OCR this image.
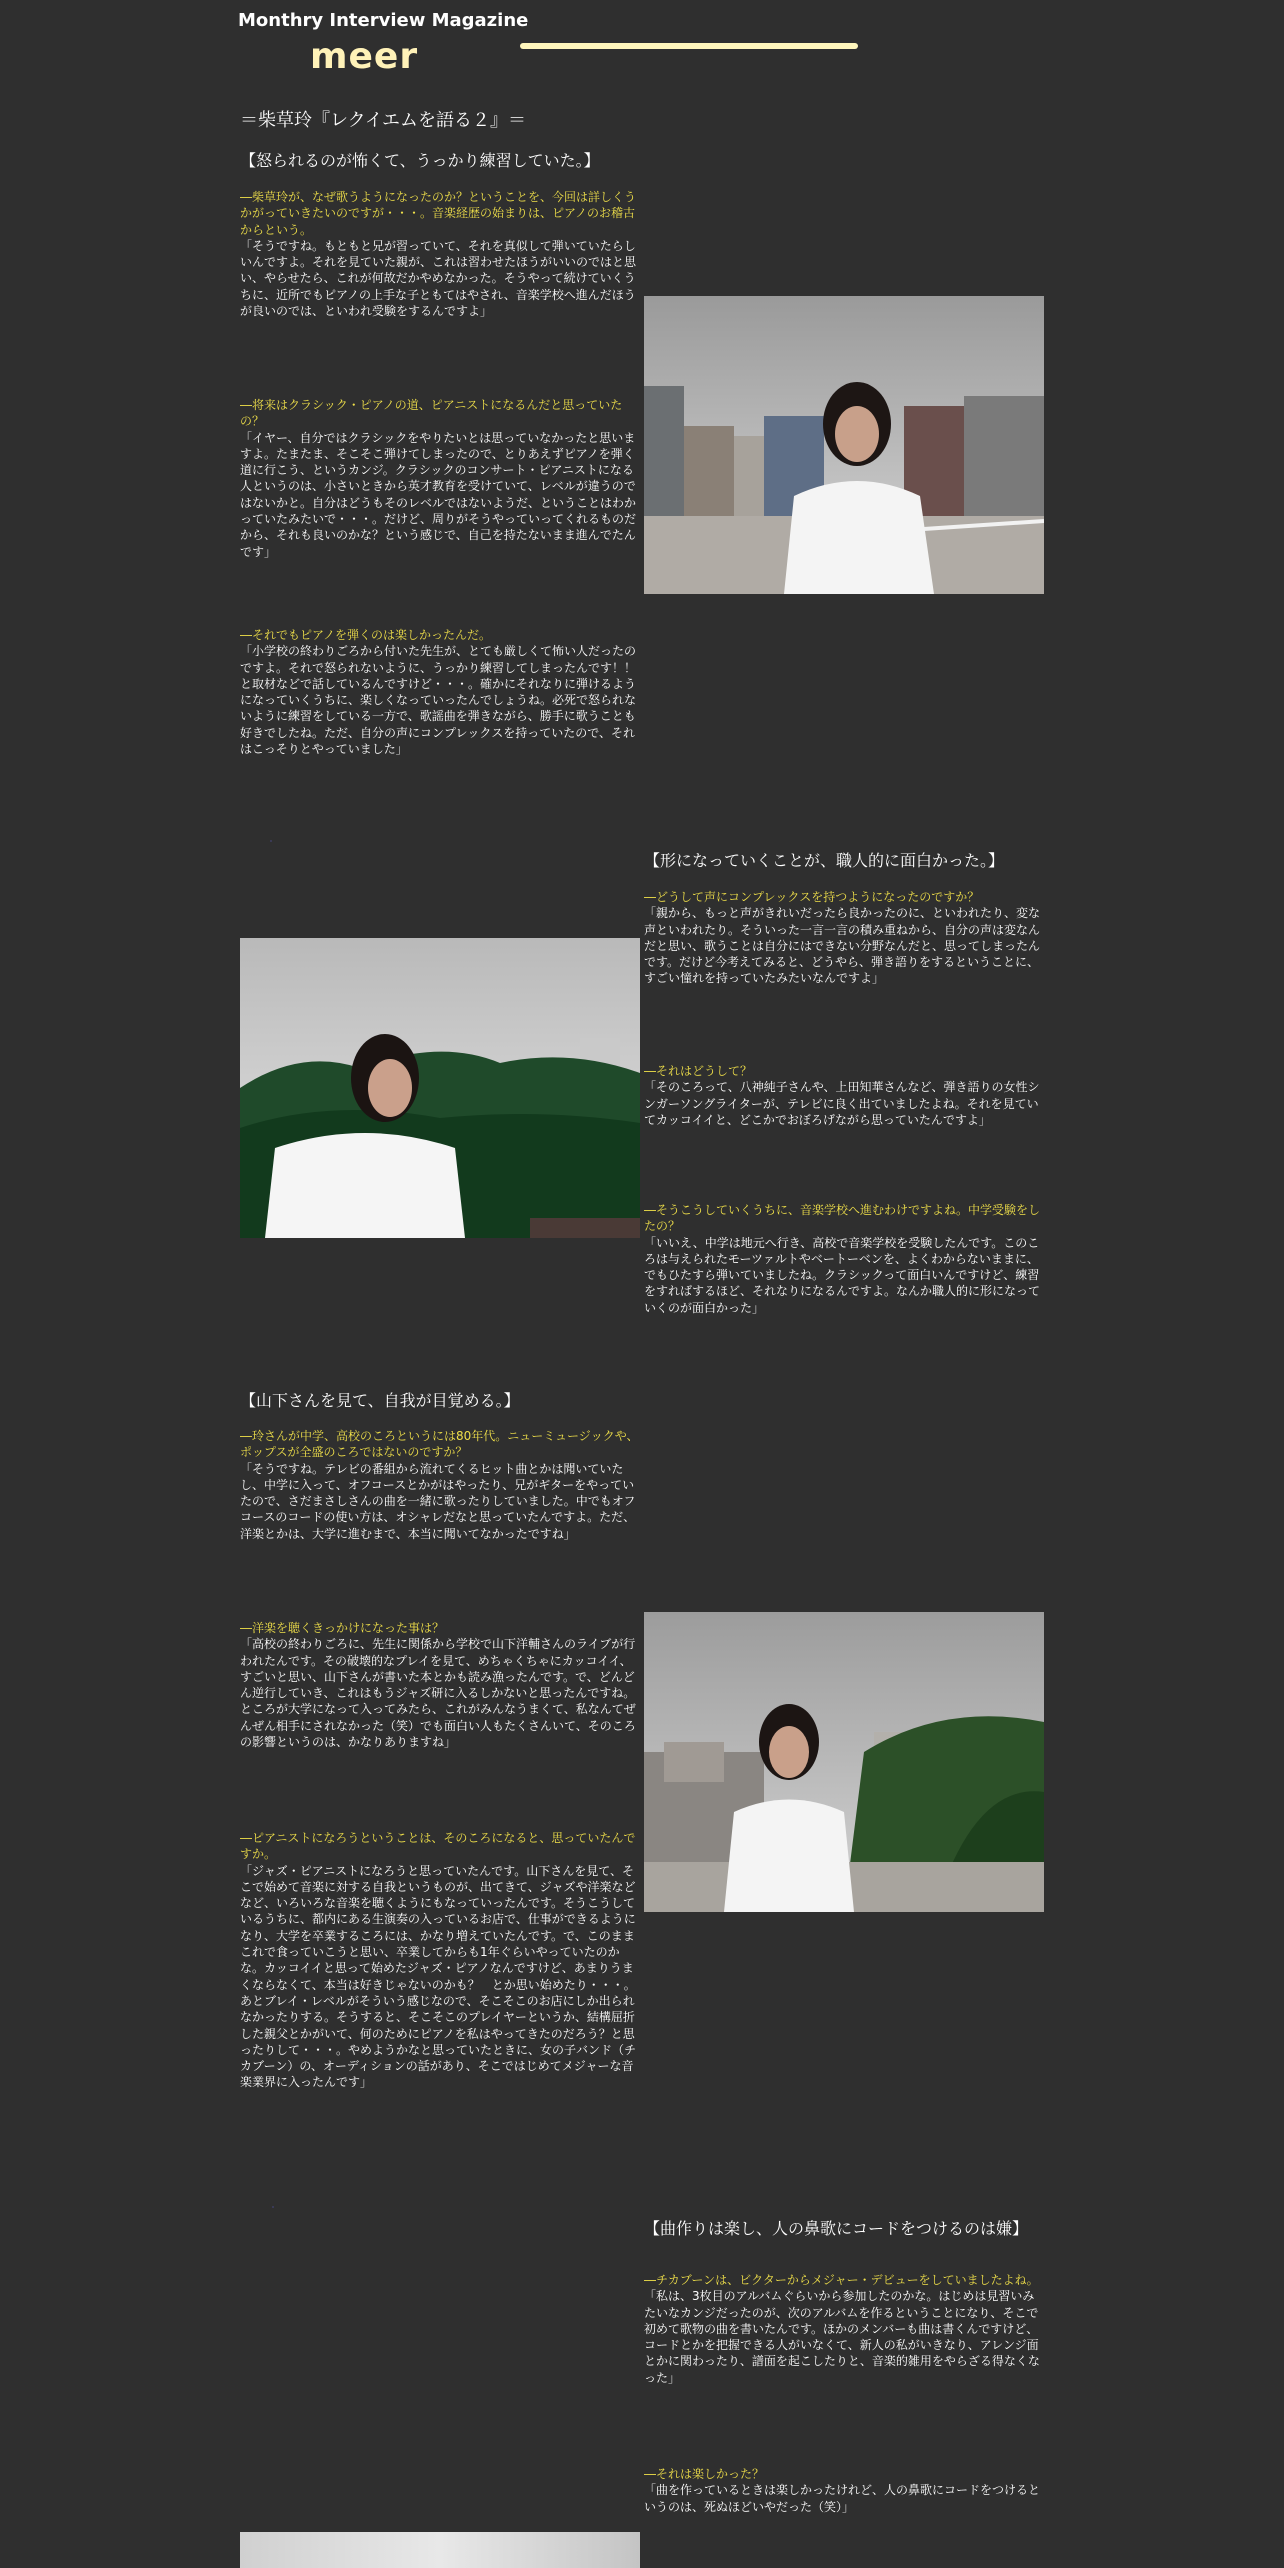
Monthry Interview Magazine
meer
＝柴草玲『レクイエムを語る２』＝
【怒られるのが怖くて、うっかり練習していた。】
―柴草玲が、なぜ歌うようになったのか？ということを、今回は詳しくうかがっていきたいのですが・・・。音楽経歴の始まりは、ピアノのお稽古からという。
「そうですね。もともと兄が習っていて、それを真似して弾いていたらしいんですよ。それを見ていた親が、これは習わせたほうがいいのではと思い、やらせたら、これが何故だかやめなかった。そうやって続けていくうちに、近所でもピアノの上手な子ともてはやされ、音楽学校へ進んだほうが良いのでは、といわれ受験をするんですよ」
―将来はクラシック・ピアノの道、ピアニストになるんだと思っていたの？
「イヤー、自分ではクラシックをやりたいとは思っていなかったと思いますよ。たまたま、そこそこ弾けてしまったので、とりあえずピアノを弾く道に行こう、というカンジ。クラシックのコンサート・ピアニストになる人というのは、小さいときから英才教育を受けていて、レベルが違うのではないかと。自分はどうもそのレベルではないようだ、ということはわかっていたみたいで・・・。だけど、周りがそうやっていってくれるものだから、それも良いのかな？という感じで、自己を持たないまま進んでたんです」
―それでもピアノを弾くのは楽しかったんだ。
「小学校の終わりごろから付いた先生が、とても厳しくて怖い人だったのですよ。それで怒られないように、うっかり練習してしまったんです！！　と取材などで話しているんですけど・・・。確かにそれなりに弾けるようになっていくうちに、楽しくなっていったんでしょうね。必死で怒られないように練習をしている一方で、歌謡曲を弾きながら、勝手に歌うことも好きでしたね。ただ、自分の声にコンプレックスを持っていたので、それはこっそりとやっていました」
【形になっていくことが、職人的に面白かった。】
―どうして声にコンプレックスを持つようになったのですか？
「親から、もっと声がきれいだったら良かったのに、といわれたり、変な声といわれたり。そういった一言一言の積み重ねから、自分の声は変なんだと思い、歌うことは自分にはできない分野なんだと、思ってしまったんです。だけど今考えてみると、どうやら、弾き語りをするということに、すごい憧れを持っていたみたいなんですよ」
―それはどうして？
「そのころって、八神純子さんや、上田知華さんなど、弾き語りの女性シンガーソングライターが、テレビに良く出ていましたよね。それを見ていてカッコイイと、どこかでおぼろげながら思っていたんですよ」
―そうこうしていくうちに、音楽学校へ進むわけですよね。中学受験をしたの？
「いいえ、中学は地元へ行き、高校で音楽学校を受験したんです。このころは与えられたモーツァルトやベートーベンを、よくわからないままに、でもひたすら弾いていましたね。クラシックって面白いんですけど、練習をすればするほど、それなりになるんですよ。なんか職人的に形になっていくのが面白かった」
【山下さんを見て、自我が目覚める。】
―玲さんが中学、高校のころというには80年代。ニューミュージックや、ポップスが全盛のころではないのですか？
「そうですね。テレビの番組から流れてくるヒット曲とかは聞いていたし、中学に入って、オフコースとかがはやったり、兄がギターをやっていたので、さだまさしさんの曲を一緒に歌ったりしていました。中でもオフコースのコードの使い方は、オシャレだなと思っていたんですよ。ただ、洋楽とかは、大学に進むまで、本当に聞いてなかったですね」
―洋楽を聴くきっかけになった事は？
「高校の終わりごろに、先生に関係から学校で山下洋輔さんのライブが行われたんです。その破壊的なプレイを見て、めちゃくちゃにカッコイイ、すごいと思い、山下さんが書いた本とかも読み漁ったんです。で、どんどん逆行していき、これはもうジャズ研に入るしかないと思ったんですね。ところが大学になって入ってみたら、これがみんなうまくて、私なんてぜんぜん相手にされなかった（笑）でも面白い人もたくさんいて、そのころの影響というのは、かなりありますね」
―ピアニストになろうということは、そのころになると、思っていたんですか。
「ジャズ・ピアニストになろうと思っていたんです。山下さんを見て、そこで始めて音楽に対する自我というものが、出てきて、ジャズや洋楽などなど、いろいろな音楽を聴くようにもなっていったんです。そうこうしているうちに、都内にある生演奏の入っているお店で、仕事ができるようになり、大学を卒業するころには、かなり増えていたんです。で、このままこれで食っていこうと思い、卒業してからも1年ぐらいやっていたのかな。カッコイイと思って始めたジャズ・ピアノなんですけど、あまりうまくならなくて、本当は好きじゃないのかも？　とか思い始めたり・・・。あとブレイ・レベルがそういう感じなので、そこそこのお店にしか出られなかったりする。そうすると、そこそこのプレイヤーというか、結構屈折した親父とかがいて、何のためにピアノを私はやってきたのだろう？と思ったりして・・・。やめようかなと思っていたときに、女の子バンド（チカブーン）の、オーディションの話があり、そこではじめてメジャーな音楽業界に入ったんです」
【曲作りは楽し、人の鼻歌にコードをつけるのは嫌】
―チカブーンは、ビクターからメジャー・デビューをしていましたよね。
「私は、3枚目のアルバムぐらいから参加したのかな。はじめは見習いみたいなカンジだったのが、次のアルバムを作るということになり、そこで初めて歌物の曲を書いたんです。ほかのメンバーも曲は書くんですけど、コードとかを把握できる人がいなくて、新人の私がいきなり、アレンジ面とかに関わったり、譜面を起こしたりと、音楽的雑用をやらざる得なくなった」
―それは楽しかった？
「曲を作っているときは楽しかったけれど、人の鼻歌にコードをつけるというのは、死ぬほどいやだった（笑）」
